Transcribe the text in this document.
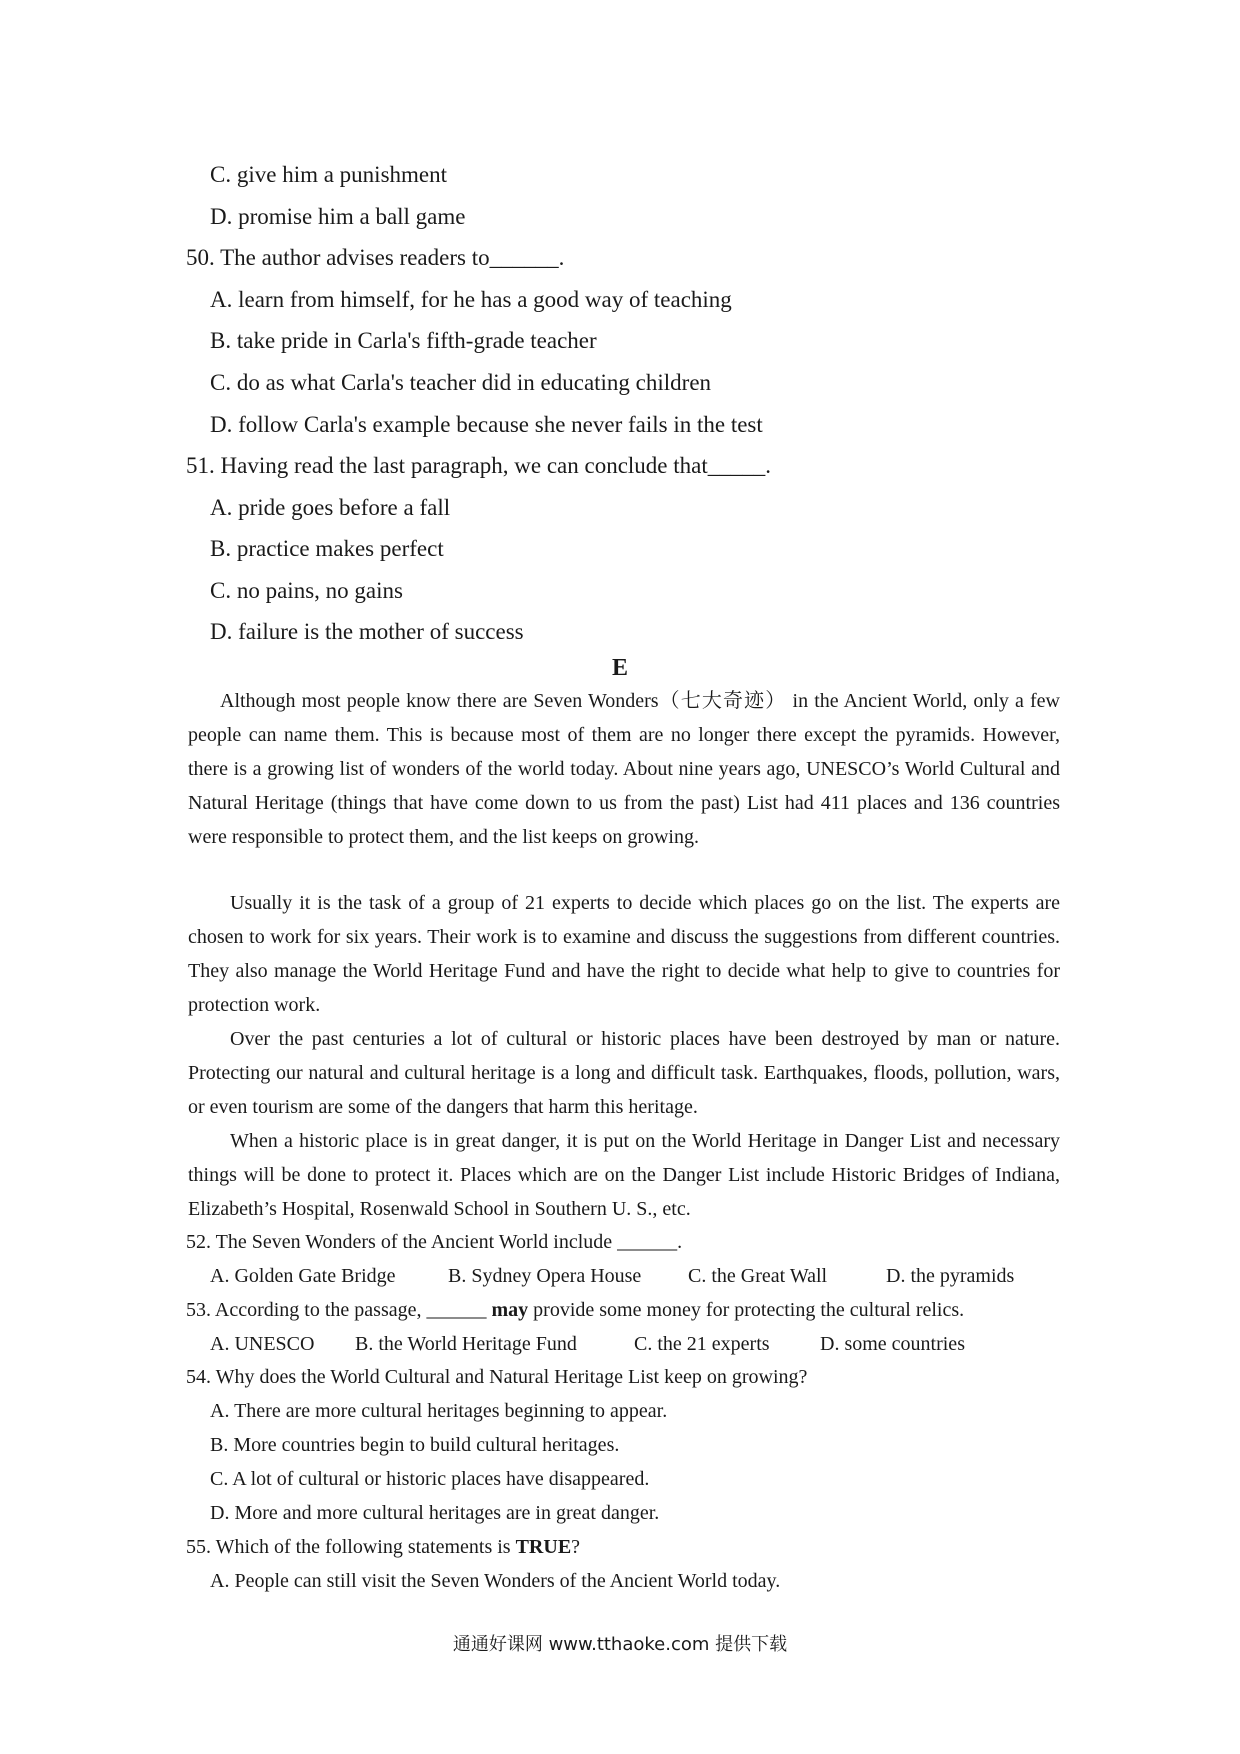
C. give him a punishment

D. promise him a ball game

50. The author advises readers to______.

A. learn from himself, for he has a good way of teaching

B. take pride in Carla's fifth-grade teacher

C. do as what Carla's teacher did in educating children

D. follow Carla's example because she never fails in the test

51. Having read the last paragraph, we can conclude that_____.

A. pride goes before a fall

B. practice makes perfect

C. no pains, no gains

D. failure is the mother of success

E

Although most people know there are Seven Wonders（七大奇迹） in the Ancient World, only a few people can name them. This is because most of them are no longer there except the pyramids. However, there is a growing list of wonders of the world today. About nine years ago, UNESCO’s World Cultural and Natural Heritage (things that have come down to us from the past) List had 411 places and 136 countries were responsible to protect them, and the list keeps on growing.

Usually it is the task of a group of 21 experts to decide which places go on the list. The experts are chosen to work for six years. Their work is to examine and discuss the suggestions from different countries. They also manage the World Heritage Fund and have the right to decide what help to give to countries for protection work.

Over the past centuries a lot of cultural or historic places have been destroyed by man or nature. Protecting our natural and cultural heritage is a long and difficult task. Earthquakes, floods, pollution, wars, or even tourism are some of the dangers that harm this heritage.

When a historic place is in great danger, it is put on the World Heritage in Danger List and necessary things will be done to protect it. Places which are on the Danger List include Historic Bridges of Indiana, Elizabeth’s Hospital, Rosenwald School in Southern U. S., etc.

52. The Seven Wonders of the Ancient World include ______.

A. Golden Gate Bridge	B. Sydney Opera House C. the Great Wall	D. the pyramids

53. According to the passage, ______ may provide some money for protecting the cultural relics.

A. UNESCO B. the World Heritage Fund	C. the 21 experts	D. some countries

54. Why does the World Cultural and Natural Heritage List keep on growing?

A. There are more cultural heritages beginning to appear.

B. More countries begin to build cultural heritages.

C. A lot of cultural or historic places have disappeared.

D. More and more cultural heritages are in great danger.

55. Which of the following statements is TRUE?

A. People can still visit the Seven Wonders of the Ancient World today.

通通好课网 www.tthaoke.com 提供下载
